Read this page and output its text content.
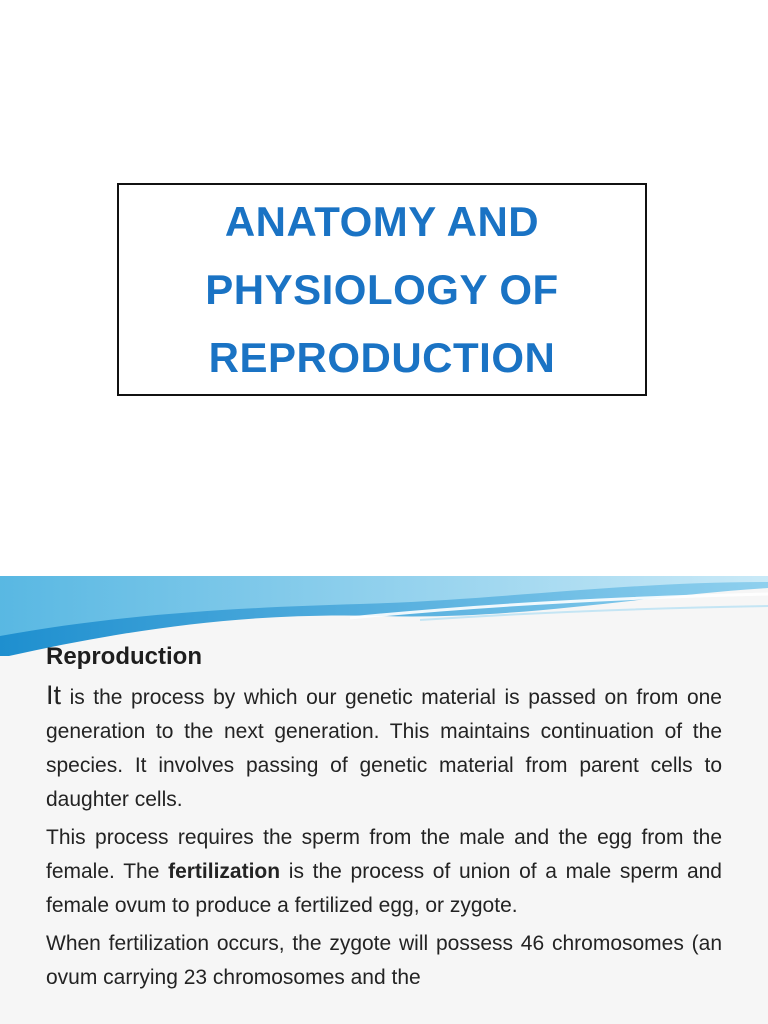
ANATOMY AND
PHYSIOLOGY OF
REPRODUCTION
Reproduction

It is the process by which our genetic material is passed on from one generation to the next generation. This maintains continuation of the species. It involves passing of genetic material from parent cells to daughter cells.

This process requires the sperm from the male and the egg from the female. The fertilization is the process of union of a male sperm and female ovum to produce a fertilized egg, or zygote.

When fertilization occurs, the zygote will possess 46 chromosomes (an ovum carrying 23 chromosomes and the
